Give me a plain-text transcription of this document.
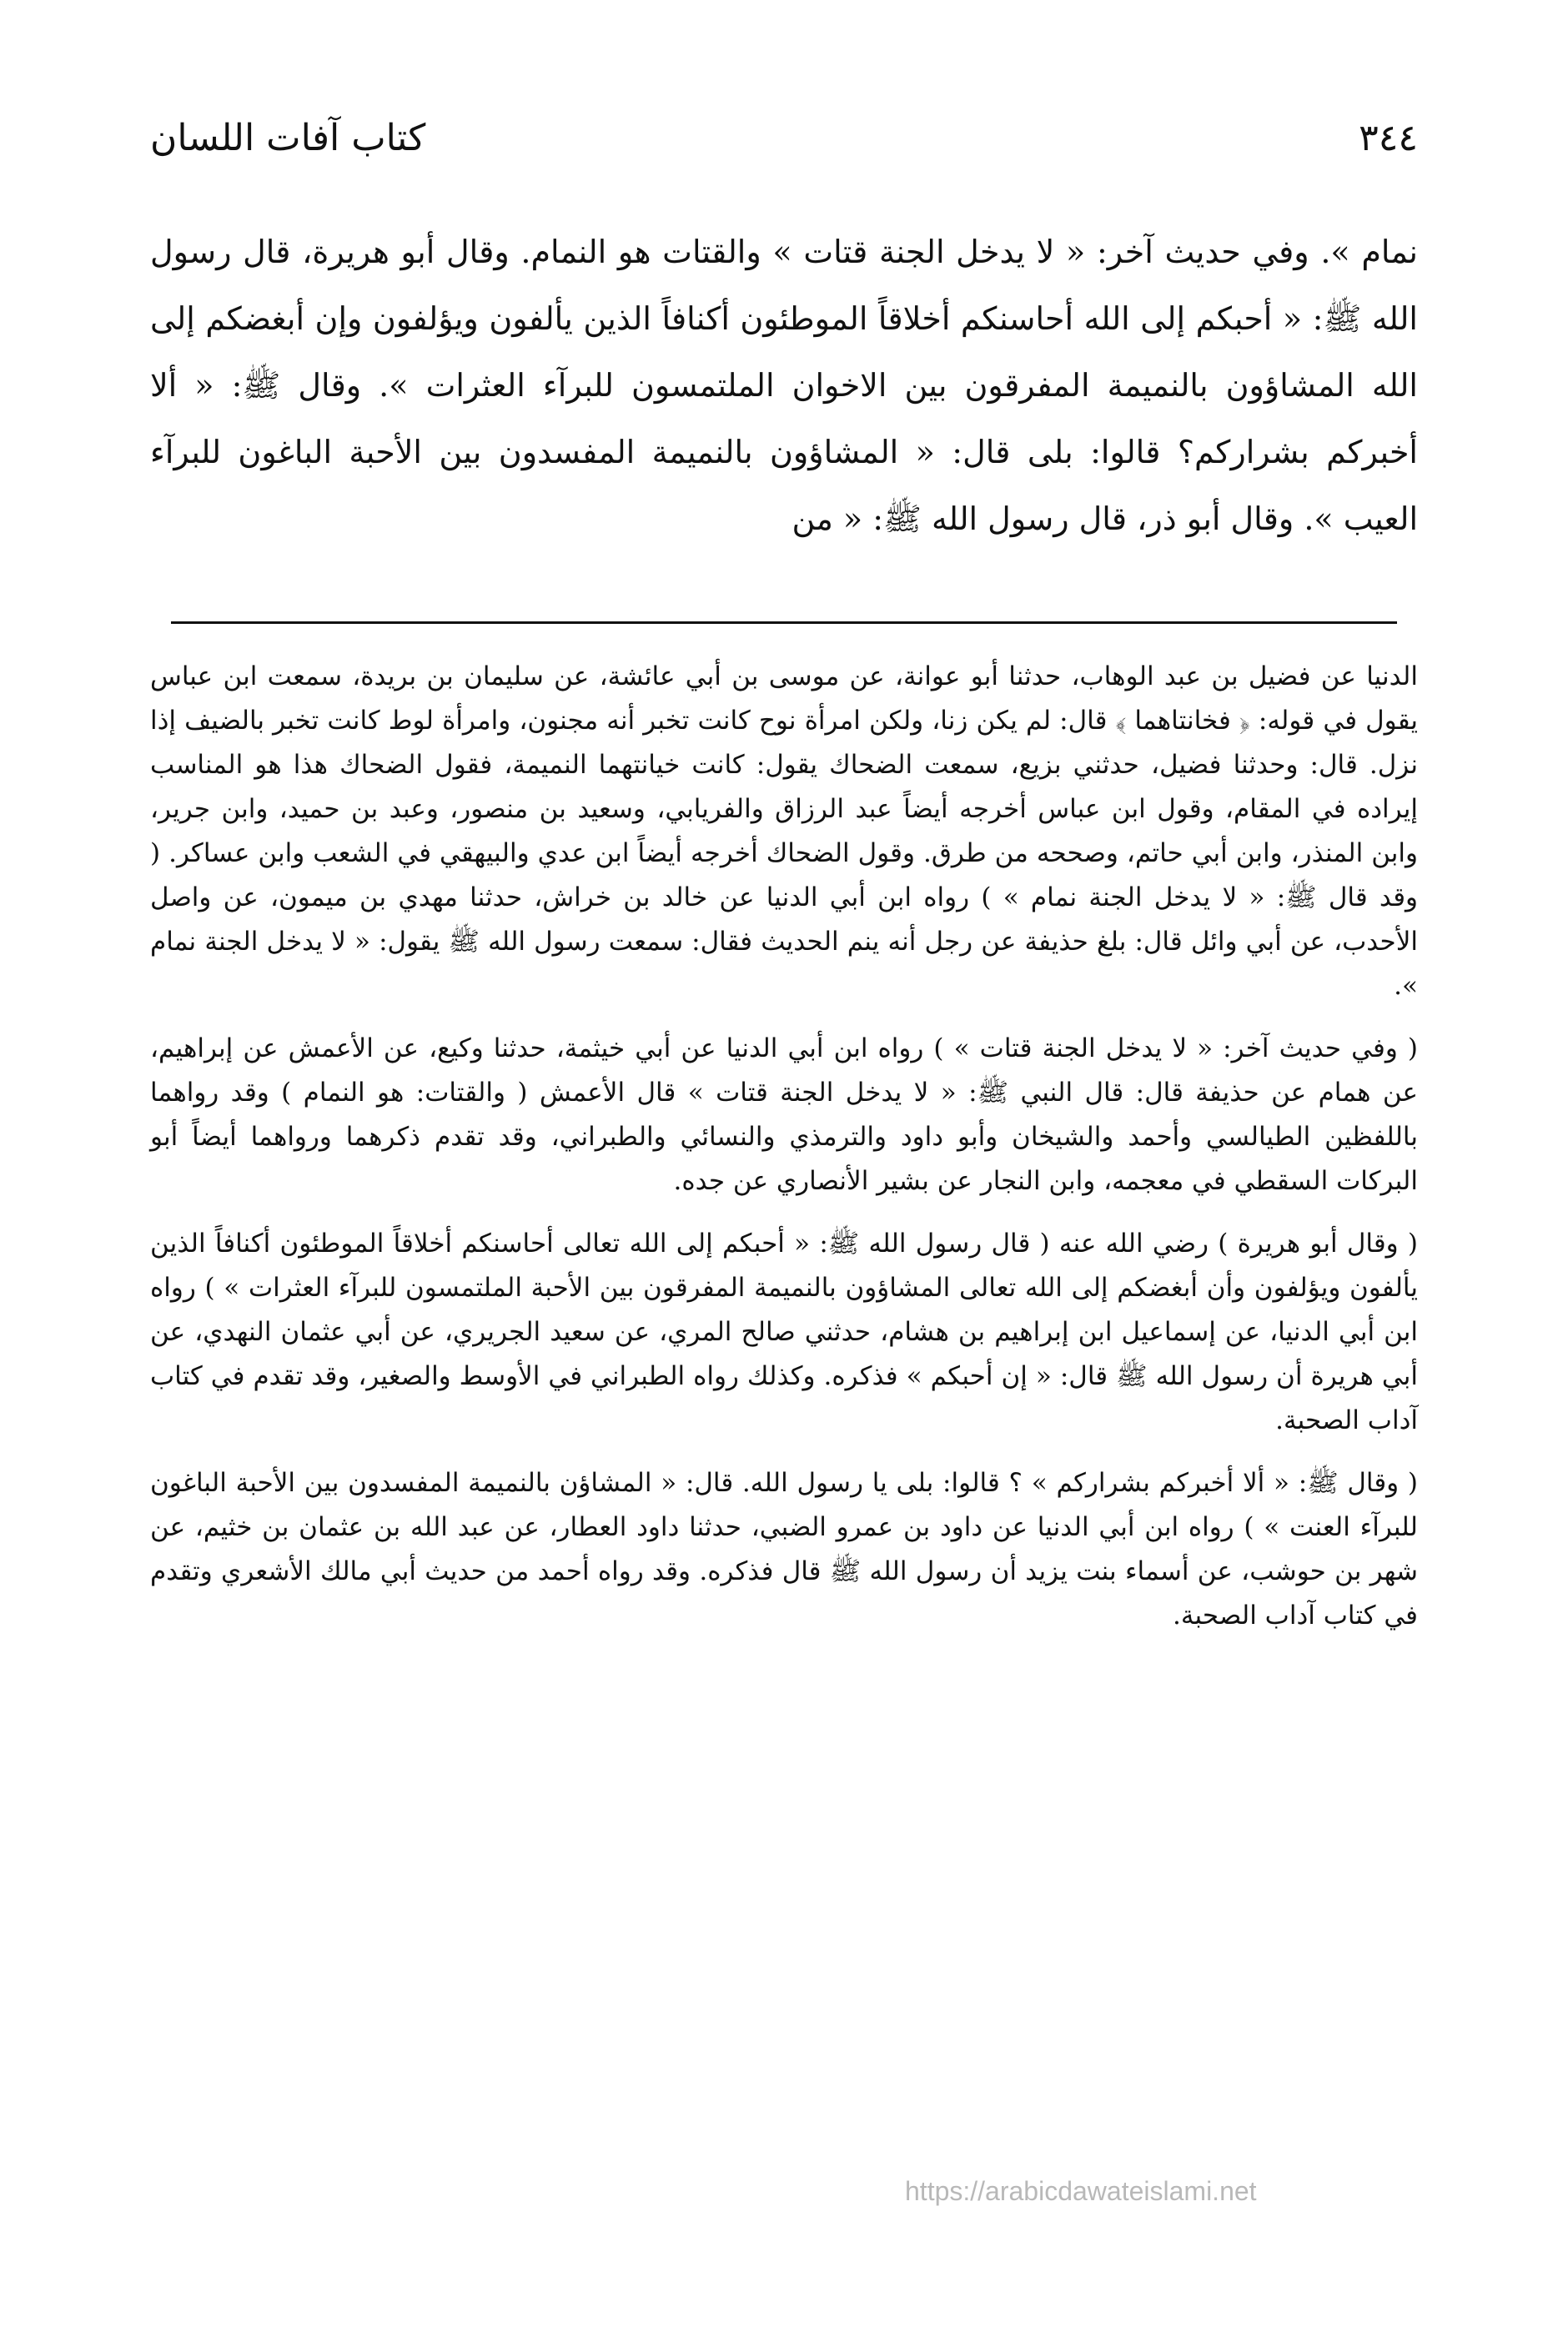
٣٤٤
كتاب آفات اللسان
نمام ». وفي حديث آخر: « لا يدخل الجنة قتات » والقتات هو النمام. وقال أبو هريرة، قال رسول الله ﷺ: « أحبكم إلى الله أحاسنكم أخلاقاً الموطئون أكنافاً الذين يألفون ويؤلفون وإن أبغضكم إلى الله المشاؤون بالنميمة المفرقون بين الاخوان الملتمسون للبرآء العثرات ». وقال ﷺ: « ألا أخبركم بشراركم؟ قالوا: بلى قال: « المشاؤون بالنميمة المفسدون بين الأحبة الباغون للبرآء العيب ». وقال أبو ذر، قال رسول الله ﷺ: « من

الدنيا عن فضيل بن عبد الوهاب، حدثنا أبو عوانة، عن موسى بن أبي عائشة، عن سليمان بن بريدة، سمعت ابن عباس يقول في قوله: ﴿ فخانتاهما ﴾ قال: لم يكن زنا، ولكن امرأة نوح كانت تخبر أنه مجنون، وامرأة لوط كانت تخبر بالضيف إذا نزل. قال: وحدثنا فضيل، حدثني بزيع، سمعت الضحاك يقول: كانت خيانتهما النميمة، فقول الضحاك هذا هو المناسب إيراده في المقام، وقول ابن عباس أخرجه أيضاً عبد الرزاق والفريابي، وسعيد بن منصور، وعبد بن حميد، وابن جرير، وابن المنذر، وابن أبي حاتم، وصححه من طرق. وقول الضحاك أخرجه أيضاً ابن عدي والبيهقي في الشعب وابن عساكر. ( وقد قال ﷺ: « لا يدخل الجنة نمام » ) رواه ابن أبي الدنيا عن خالد بن خراش، حدثنا مهدي بن ميمون، عن واصل الأحدب، عن أبي وائل قال: بلغ حذيفة عن رجل أنه ينم الحديث فقال: سمعت رسول الله ﷺ يقول: « لا يدخل الجنة نمام ».

( وفي حديث آخر: « لا يدخل الجنة قتات » ) رواه ابن أبي الدنيا عن أبي خيثمة، حدثنا وكيع، عن الأعمش عن إبراهيم، عن همام عن حذيفة قال: قال النبي ﷺ: « لا يدخل الجنة قتات » قال الأعمش ( والقتات: هو النمام ) وقد رواهما باللفظين الطيالسي وأحمد والشيخان وأبو داود والترمذي والنسائي والطبراني، وقد تقدم ذكرهما ورواهما أيضاً أبو البركات السقطي في معجمه، وابن النجار عن بشير الأنصاري عن جده.

( وقال أبو هريرة ) رضي الله عنه ( قال رسول الله ﷺ: « أحبكم إلى الله تعالى أحاسنكم أخلاقاً الموطئون أكنافاً الذين يألفون ويؤلفون وأن أبغضكم إلى الله تعالى المشاؤون بالنميمة المفرقون بين الأحبة الملتمسون للبرآء العثرات » ) رواه ابن أبي الدنيا، عن إسماعيل ابن إبراهيم بن هشام، حدثني صالح المري، عن سعيد الجريري، عن أبي عثمان النهدي، عن أبي هريرة أن رسول الله ﷺ قال: « إن أحبكم » فذكره. وكذلك رواه الطبراني في الأوسط والصغير، وقد تقدم في كتاب آداب الصحبة.

( وقال ﷺ: « ألا أخبركم بشراركم » ؟ قالوا: بلى يا رسول الله. قال: « المشاؤن بالنميمة المفسدون بين الأحبة الباغون للبرآء العنت » ) رواه ابن أبي الدنيا عن داود بن عمرو الضبي، حدثنا داود العطار، عن عبد الله بن عثمان بن خثيم، عن شهر بن حوشب، عن أسماء بنت يزيد أن رسول الله ﷺ قال فذكره. وقد رواه أحمد من حديث أبي مالك الأشعري وتقدم في كتاب آداب الصحبة.

https://arabicdawateislami.net
